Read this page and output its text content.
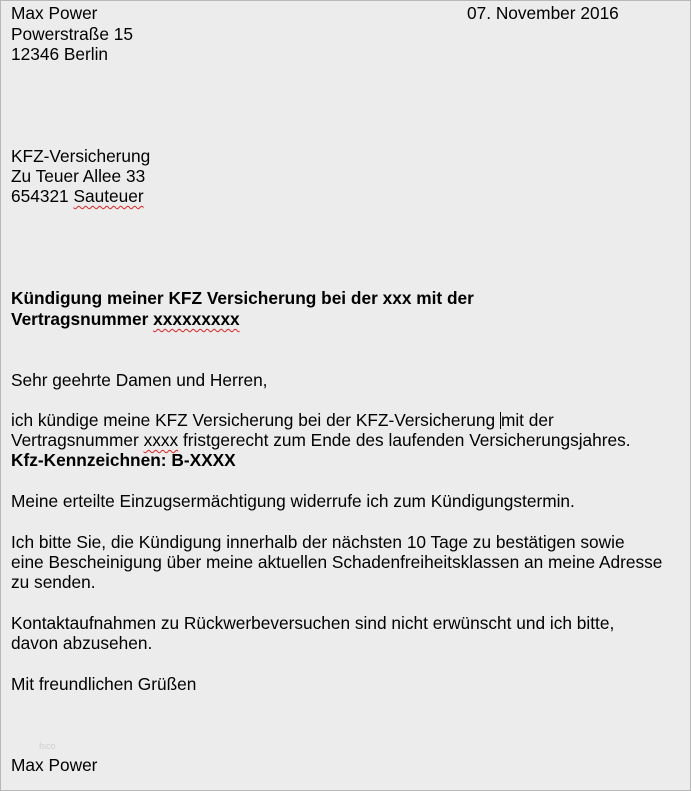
Max Power	07. November 2016
Powerstraße 15
12346 Berlin
KFZ-Versicherung
Zu Teuer Allee 33
654321 Sauteuer
Kündigung meiner KFZ Versicherung bei der xxx mit der
Vertragsnummer xxxxxxxxx
Sehr geehrte Damen und Herren,
ich kündige meine KFZ Versicherung bei der KFZ-Versicherung mit der
Vertragsnummer xxxx fristgerecht zum Ende des laufenden Versicherungsjahres.
Kfz-Kennzeichnen: B-XXXX
Meine erteilte Einzugsermächtigung widerrufe ich zum Kündigungstermin.
Ich bitte Sie, die Kündigung innerhalb der nächsten 10 Tage zu bestätigen sowie
eine Bescheinigung über meine aktuellen Schadenfreiheitsklassen an meine Adresse
zu senden.
Kontaktaufnahmen zu Rückwerbeversuchen sind nicht erwünscht und ich bitte,
davon abzusehen.
Mit freundlichen Grüßen
fsco
Max Power
